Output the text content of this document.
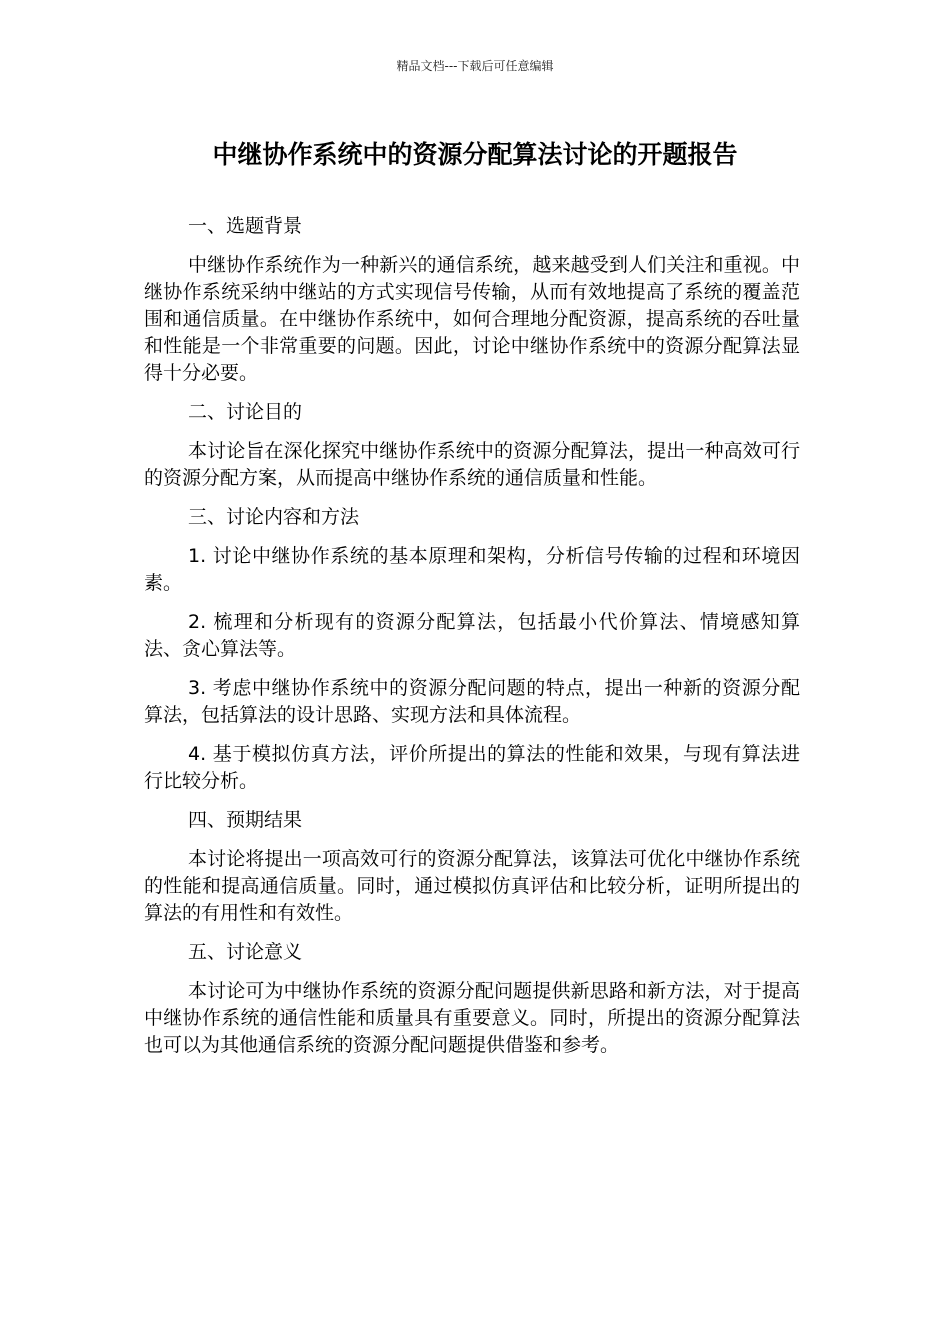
精品文档---下载后可任意编辑
中继协作系统中的资源分配算法讨论的开题报告

一、选题背景

中继协作系统作为一种新兴的通信系统，越来越受到人们关注和重视。中继协作系统采纳中继站的方式实现信号传输，从而有效地提高了系统的覆盖范围和通信质量。在中继协作系统中，如何合理地分配资源，提高系统的吞吐量和性能是一个非常重要的问题。因此，讨论中继协作系统中的资源分配算法显得十分必要。

二、讨论目的

本讨论旨在深化探究中继协作系统中的资源分配算法，提出一种高效可行的资源分配方案，从而提高中继协作系统的通信质量和性能。

三、讨论内容和方法

1. 讨论中继协作系统的基本原理和架构，分析信号传输的过程和环境因素。

2. 梳理和分析现有的资源分配算法，包括最小代价算法、情境感知算法、贪心算法等。

3. 考虑中继协作系统中的资源分配问题的特点，提出一种新的资源分配算法，包括算法的设计思路、实现方法和具体流程。

4. 基于模拟仿真方法，评价所提出的算法的性能和效果，与现有算法进行比较分析。

四、预期结果

本讨论将提出一项高效可行的资源分配算法，该算法可优化中继协作系统的性能和提高通信质量。同时，通过模拟仿真评估和比较分析，证明所提出的算法的有用性和有效性。

五、讨论意义

本讨论可为中继协作系统的资源分配问题提供新思路和新方法，对于提高中继协作系统的通信性能和质量具有重要意义。同时，所提出的资源分配算法也可以为其他通信系统的资源分配问题提供借鉴和参考。
